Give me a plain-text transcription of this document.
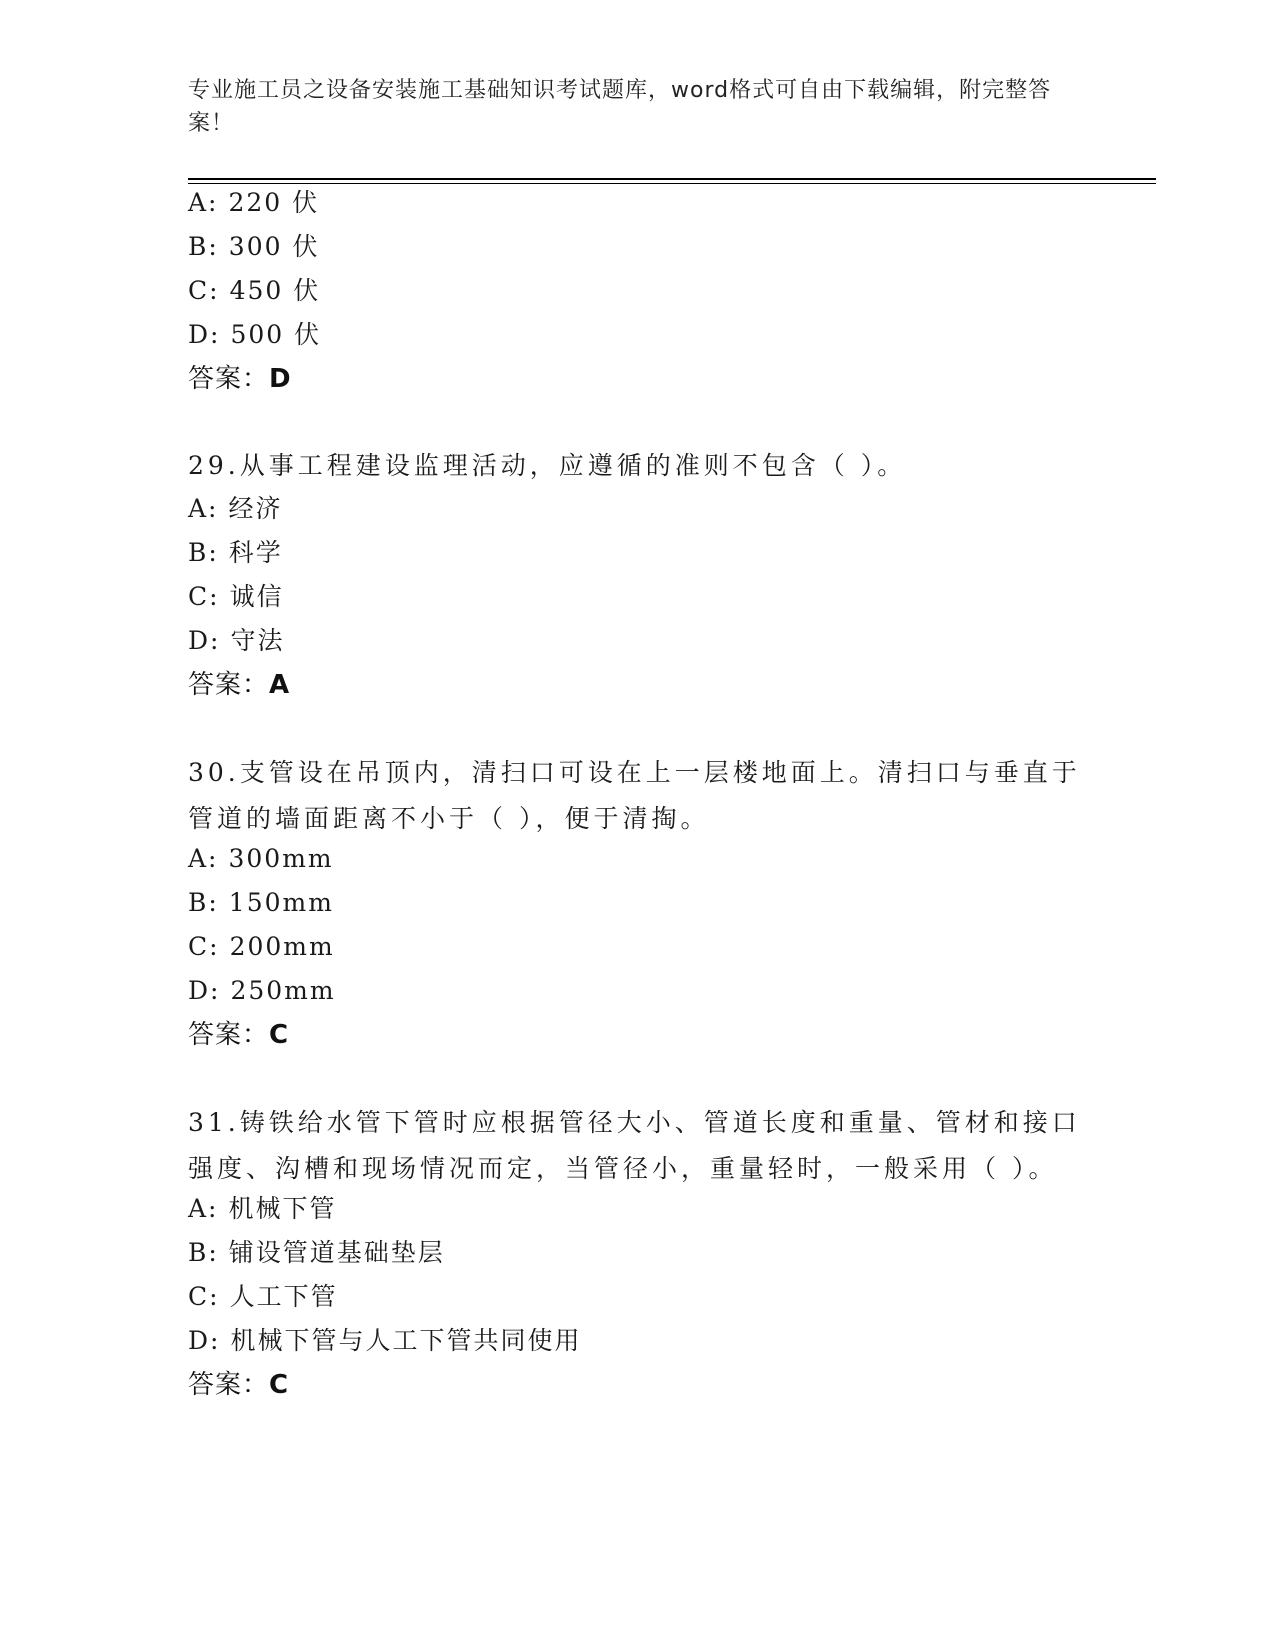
专业施工员之设备安装施工基础知识考试题库，word格式可自由下载编辑，附完整答案！
A: 220 伏
B: 300 伏
C: 450 伏
D: 500 伏
答案：D
29.从事工程建设监理活动，应遵循的准则不包含（ ）。
A: 经济
B: 科学
C: 诚信
D: 守法
答案：A
30.支管设在吊顶内，清扫口可设在上一层楼地面上。清扫口与垂直于管道的墙面距离不小于（ ），便于清掏。
A: 300mm
B: 150mm
C: 200mm
D: 250mm
答案：C
31.铸铁给水管下管时应根据管径大小、管道长度和重量、管材和接口强度、沟槽和现场情况而定，当管径小，重量轻时，一般采用（ ）。
A: 机械下管
B: 铺设管道基础垫层
C: 人工下管
D: 机械下管与人工下管共同使用
答案：C
